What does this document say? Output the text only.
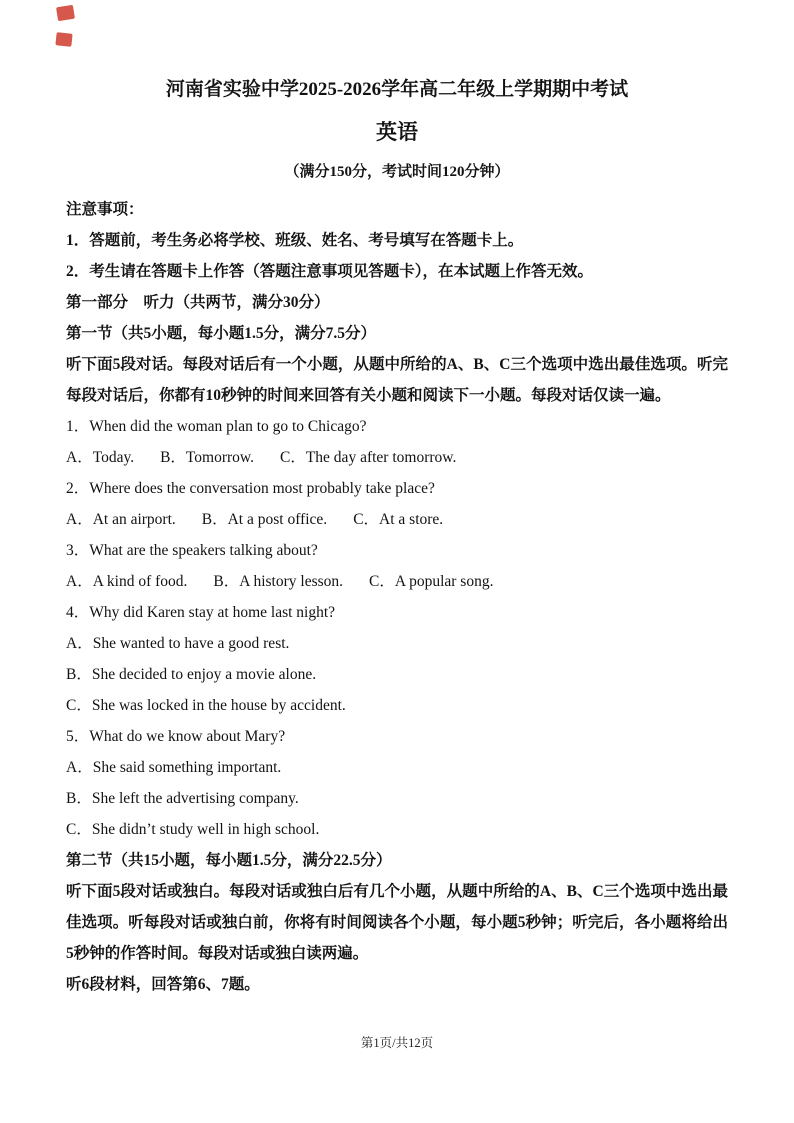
河南省实验中学2025-2026学年高二年级上学期期中考试
英语

（满分150分，考试时间120分钟）

注意事项：

1．答题前，考生务必将学校、班级、姓名、考号填写在答题卡上。

2．考生请在答题卡上作答（答题注意事项见答题卡），在本试题上作答无效。

第一部分　听力（共两节，满分30分）

第一节（共5小题，每小题1.5分，满分7.5分）

听下面5段对话。每段对话后有一个小题，从题中所给的A、B、C三个选项中选出最佳选项。听完每段对话后，你都有10秒钟的时间来回答有关小题和阅读下一小题。每段对话仅读一遍。

1．When did the woman plan to go to Chicago?

A．Today. B．Tomorrow. C．The day after tomorrow.

2．Where does the conversation most probably take place?

A．At an airport. B．At a post office. C．At a store.

3．What are the speakers talking about?

A．A kind of food. B．A history lesson. C．A popular song.

4．Why did Karen stay at home last night?

A．She wanted to have a good rest.

B．She decided to enjoy a movie alone.

C．She was locked in the house by accident.

5．What do we know about Mary?

A．She said something important.

B．She left the advertising company.

C．She didn’t study well in high school.

第二节（共15小题，每小题1.5分，满分22.5分）

听下面5段对话或独白。每段对话或独白后有几个小题，从题中所给的A、B、C三个选项中选出最佳选项。听每段对话或独白前，你将有时间阅读各个小题，每小题5秒钟；听完后，各小题将给出5秒钟的作答时间。每段对话或独白读两遍。

听6段材料，回答第6、7题。

第1页/共12页
